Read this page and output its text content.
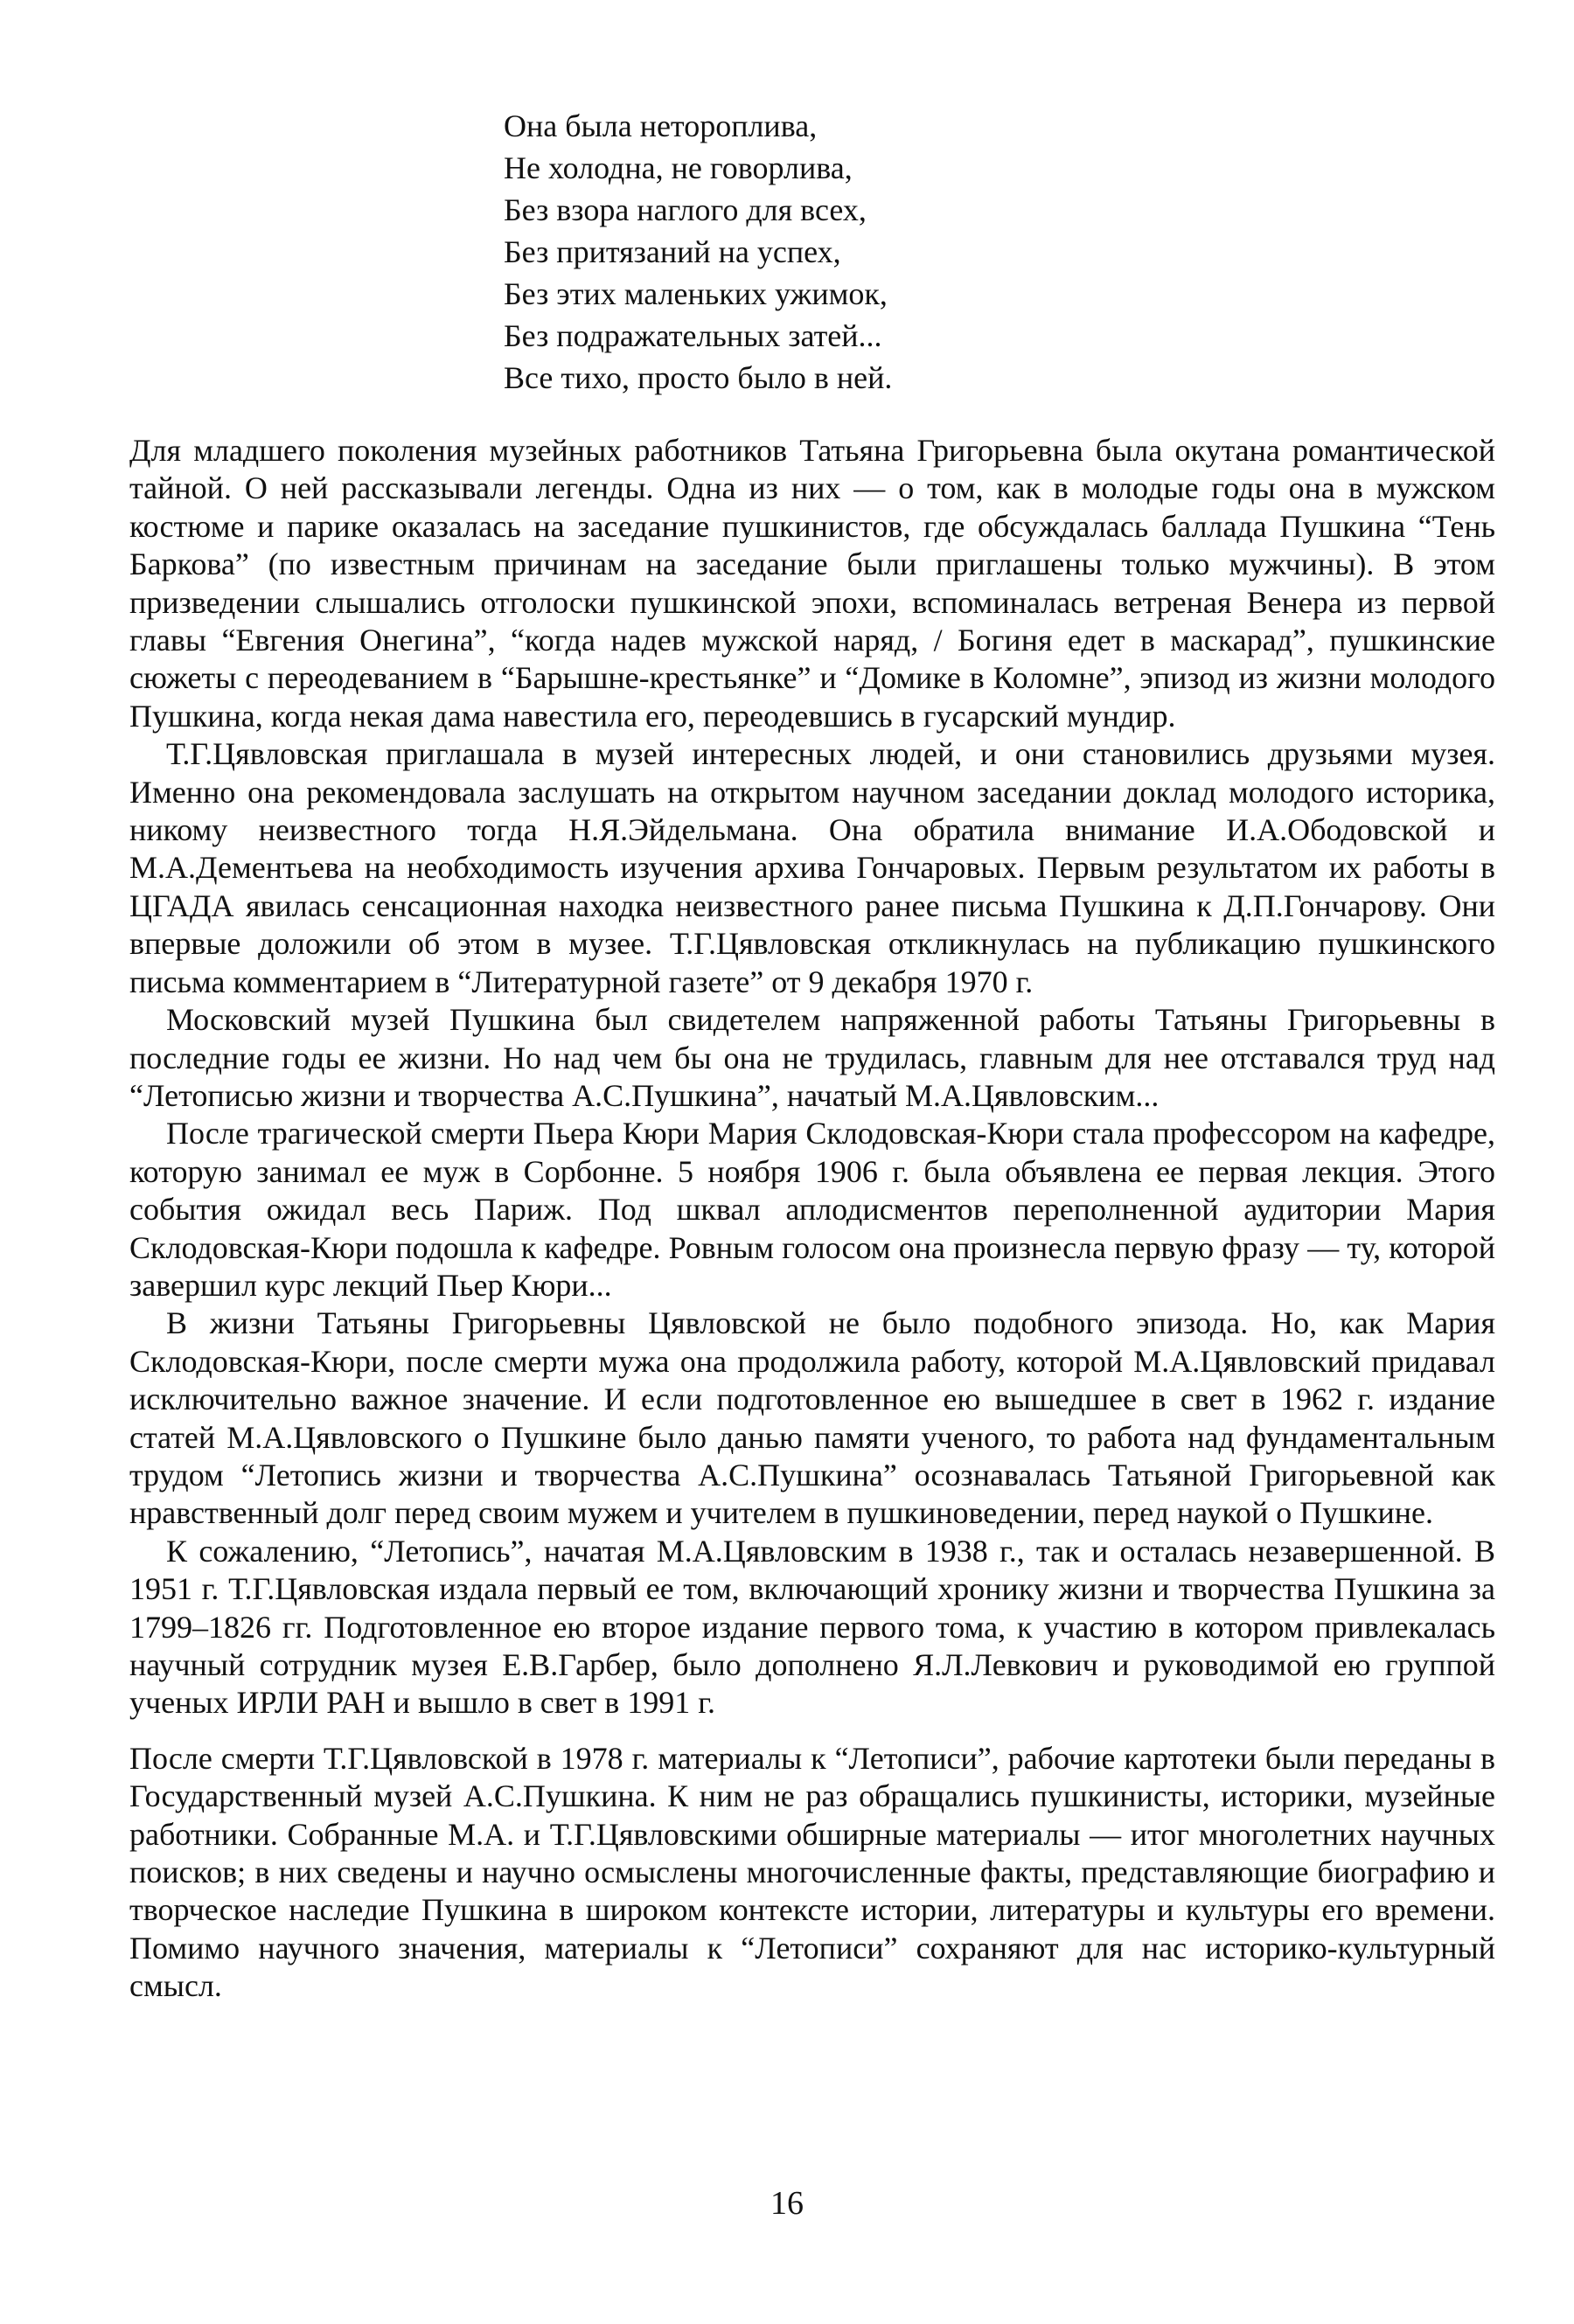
Она была нетороплива,
Не холодна, не говорлива,
Без взора наглого для всех,
Без притязаний на успех,
Без этих маленьких ужимок,
Без подражательных затей...
Все тихо, просто было в ней.

Для младшего поколения музейных работников Татьяна Григорьевна была окутана романтической тайной. О ней рассказывали легенды. Одна из них — о том, как в молодые годы она в мужском костюме и парике оказалась на заседание пушкинистов, где обсуждалась баллада Пушкина “Тень Баркова” (по известным причинам на заседание были приглашены только мужчины). В этом призведении слышались отголоски пушкинской эпохи, вспоминалась ветреная Венера из первой главы “Евгения Онегина”, “когда надев мужской наряд, / Богиня едет в маскарад”, пушкинские сюжеты с переодеванием в “Барышне-крестьянке” и “Домике в Коломне”, эпизод из жизни молодого Пушкина, когда некая дама навестила его, переодевшись в гусарский мундир.

Т.Г.Цявловская приглашала в музей интересных людей, и они становились друзьями музея. Именно она рекомендовала заслушать на открытом научном заседании доклад молодого историка, никому неизвестного тогда Н.Я.Эйдельмана. Она обратила внимание И.А.Ободовской и М.А.Дементьева на необходимость изучения архива Гончаровых. Первым результатом их работы в ЦГАДА явилась сенсационная находка неизвестного ранее письма Пушкина к Д.П.Гончарову. Они впервые доложили об этом в музее. Т.Г.Цявловская откликнулась на публикацию пушкинского письма комментарием в “Литературной газете” от 9 декабря 1970 г.

Московский музей Пушкина был свидетелем напряженной работы Татьяны Григорьевны в последние годы ее жизни. Но над чем бы она не трудилась, главным для нее отставался труд над “Летописью жизни и творчества А.С.Пушкина”, начатый М.А.Цявловским...

После трагической смерти Пьера Кюри Мария Склодовская-Кюри стала профессором на кафедре, которую занимал ее муж в Сорбонне. 5 ноября 1906 г. была объявлена ее первая лекция. Этого события ожидал весь Париж. Под шквал аплодисментов переполненной аудитории Мария Склодовская-Кюри подошла к кафедре. Ровным голосом она произнесла первую фразу — ту, которой завершил курс лекций Пьер Кюри...

В жизни Татьяны Григорьевны Цявловской не было подобного эпизода. Но, как Мария Склодовская-Кюри, после смерти мужа она продолжила работу, которой М.А.Цявловский придавал исключительно важное значение. И если подготовленное ею вышедшее в свет в 1962 г. издание статей М.А.Цявловского о Пушкине было данью памяти ученого, то работа над фундаментальным трудом “Летопись жизни и творчества А.С.Пушкина” осознавалась Татьяной Григорьевной как нравственный долг перед своим мужем и учителем в пушкиноведении, перед наукой о Пушкине.

К сожалению, “Летопись”, начатая М.А.Цявловским в 1938 г., так и осталась незавершенной. В 1951 г. Т.Г.Цявловская издала первый ее том, включающий хронику жизни и творчества Пушкина за 1799–1826 гг. Подготовленное ею второе издание первого тома, к участию в котором привлекалась научный сотрудник музея Е.В.Гарбер, было дополнено Я.Л.Левкович и руководимой ею группой ученых ИРЛИ РАН и вышло в свет в 1991 г.

После смерти Т.Г.Цявловской в 1978 г. материалы к “Летописи”, рабочие картотеки были переданы в Государственный музей А.С.Пушкина. К ним не раз обращались пушкинисты, историки, музейные работники. Собранные М.А. и Т.Г.Цявловскими обширные материалы — итог многолетних научных поисков; в них сведены и научно осмыслены многочисленные факты, представляющие биографию и творческое наследие Пушкина в широком контексте истории, литературы и культуры его времени. Помимо научного значения, материалы к “Летописи” сохраняют для нас историко-культурный смысл.

16
